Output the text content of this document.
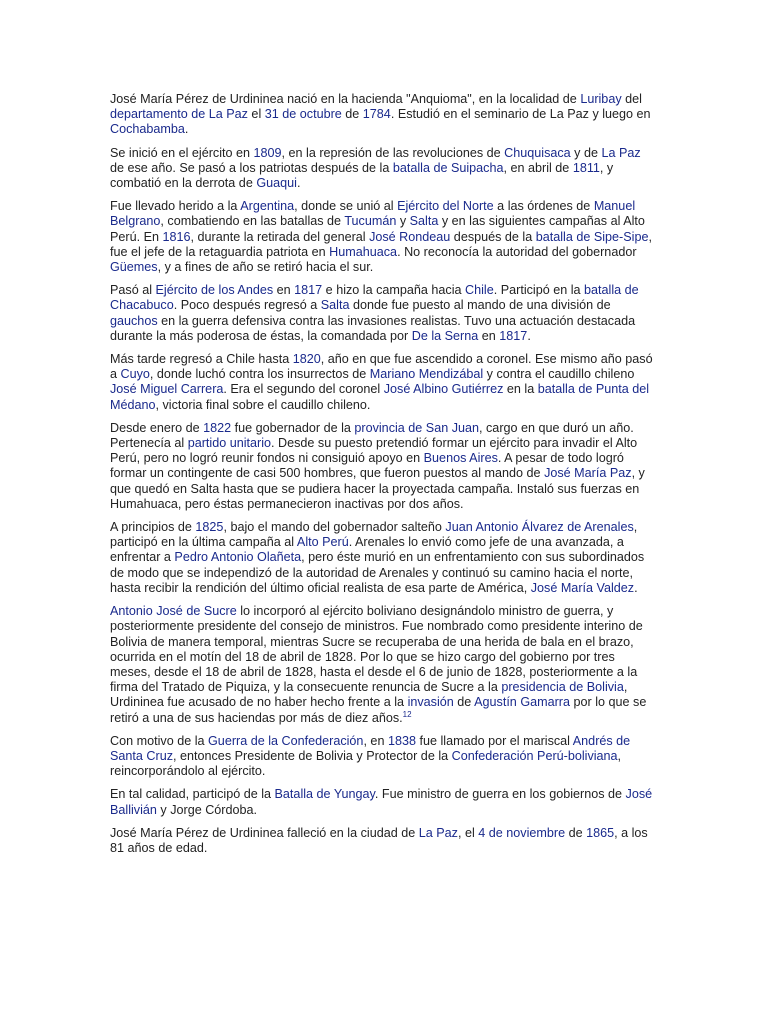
José María Pérez de Urdininea nació en la hacienda "Anquioma", en la localidad de Luribay del departamento de La Paz el 31 de octubre de 1784. Estudió en el seminario de La Paz y luego en Cochabamba.

Se inició en el ejército en 1809, en la represión de las revoluciones de Chuquisaca y de La Paz de ese año. Se pasó a los patriotas después de la batalla de Suipacha, en abril de 1811, y combatió en la derrota de Guaqui.

Fue llevado herido a la Argentina, donde se unió al Ejército del Norte a las órdenes de Manuel Belgrano, combatiendo en las batallas de Tucumán y Salta y en las siguientes campañas al Alto Perú. En 1816, durante la retirada del general José Rondeau después de la batalla de Sipe-Sipe, fue el jefe de la retaguardia patriota en Humahuaca. No reconocía la autoridad del gobernador Güemes, y a fines de año se retiró hacia el sur.

Pasó al Ejército de los Andes en 1817 e hizo la campaña hacia Chile. Participó en la batalla de Chacabuco. Poco después regresó a Salta donde fue puesto al mando de una división de gauchos en la guerra defensiva contra las invasiones realistas. Tuvo una actuación destacada durante la más poderosa de éstas, la comandada por De la Serna en 1817.

Más tarde regresó a Chile hasta 1820, año en que fue ascendido a coronel. Ese mismo año pasó a Cuyo, donde luchó contra los insurrectos de Mariano Mendizábal y contra el caudillo chileno José Miguel Carrera. Era el segundo del coronel José Albino Gutiérrez en la batalla de Punta del Médano, victoria final sobre el caudillo chileno.

Desde enero de 1822 fue gobernador de la provincia de San Juan, cargo en que duró un año. Pertenecía al partido unitario. Desde su puesto pretendió formar un ejército para invadir el Alto Perú, pero no logró reunir fondos ni consiguió apoyo en Buenos Aires. A pesar de todo logró formar un contingente de casi 500 hombres, que fueron puestos al mando de José María Paz, y que quedó en Salta hasta que se pudiera hacer la proyectada campaña. Instaló sus fuerzas en Humahuaca, pero éstas permanecieron inactivas por dos años.

A principios de 1825, bajo el mando del gobernador salteño Juan Antonio Álvarez de Arenales, participó en la última campaña al Alto Perú. Arenales lo envió como jefe de una avanzada, a enfrentar a Pedro Antonio Olañeta, pero éste murió en un enfrentamiento con sus subordinados de modo que se independizó de la autoridad de Arenales y continuó su camino hacia el norte, hasta recibir la rendición del último oficial realista de esa parte de América, José María Valdez.

Antonio José de Sucre lo incorporó al ejército boliviano designándolo ministro de guerra, y posteriormente presidente del consejo de ministros. Fue nombrado como presidente interino de Bolivia de manera temporal, mientras Sucre se recuperaba de una herida de bala en el brazo, ocurrida en el motín del 18 de abril de 1828. Por lo que se hizo cargo del gobierno por tres meses, desde el 18 de abril de 1828, hasta el desde el 6 de junio de 1828, posteriormente a la firma del Tratado de Piquiza, y la consecuente renuncia de Sucre a la presidencia de Bolivia, Urdininea fue acusado de no haber hecho frente a la invasión de Agustín Gamarra por lo que se retiró a una de sus haciendas por más de diez años.$^{12}$

Con motivo de la Guerra de la Confederación, en 1838 fue llamado por el mariscal Andrés de Santa Cruz, entonces Presidente de Bolivia y Protector de la Confederación Perú-boliviana, reincorporándolo al ejército.

En tal calidad, participó de la Batalla de Yungay. Fue ministro de guerra en los gobiernos de José Ballivián y Jorge Córdoba.

José María Pérez de Urdininea falleció en la ciudad de La Paz, el 4 de noviembre de 1865, a los 81 años de edad.
